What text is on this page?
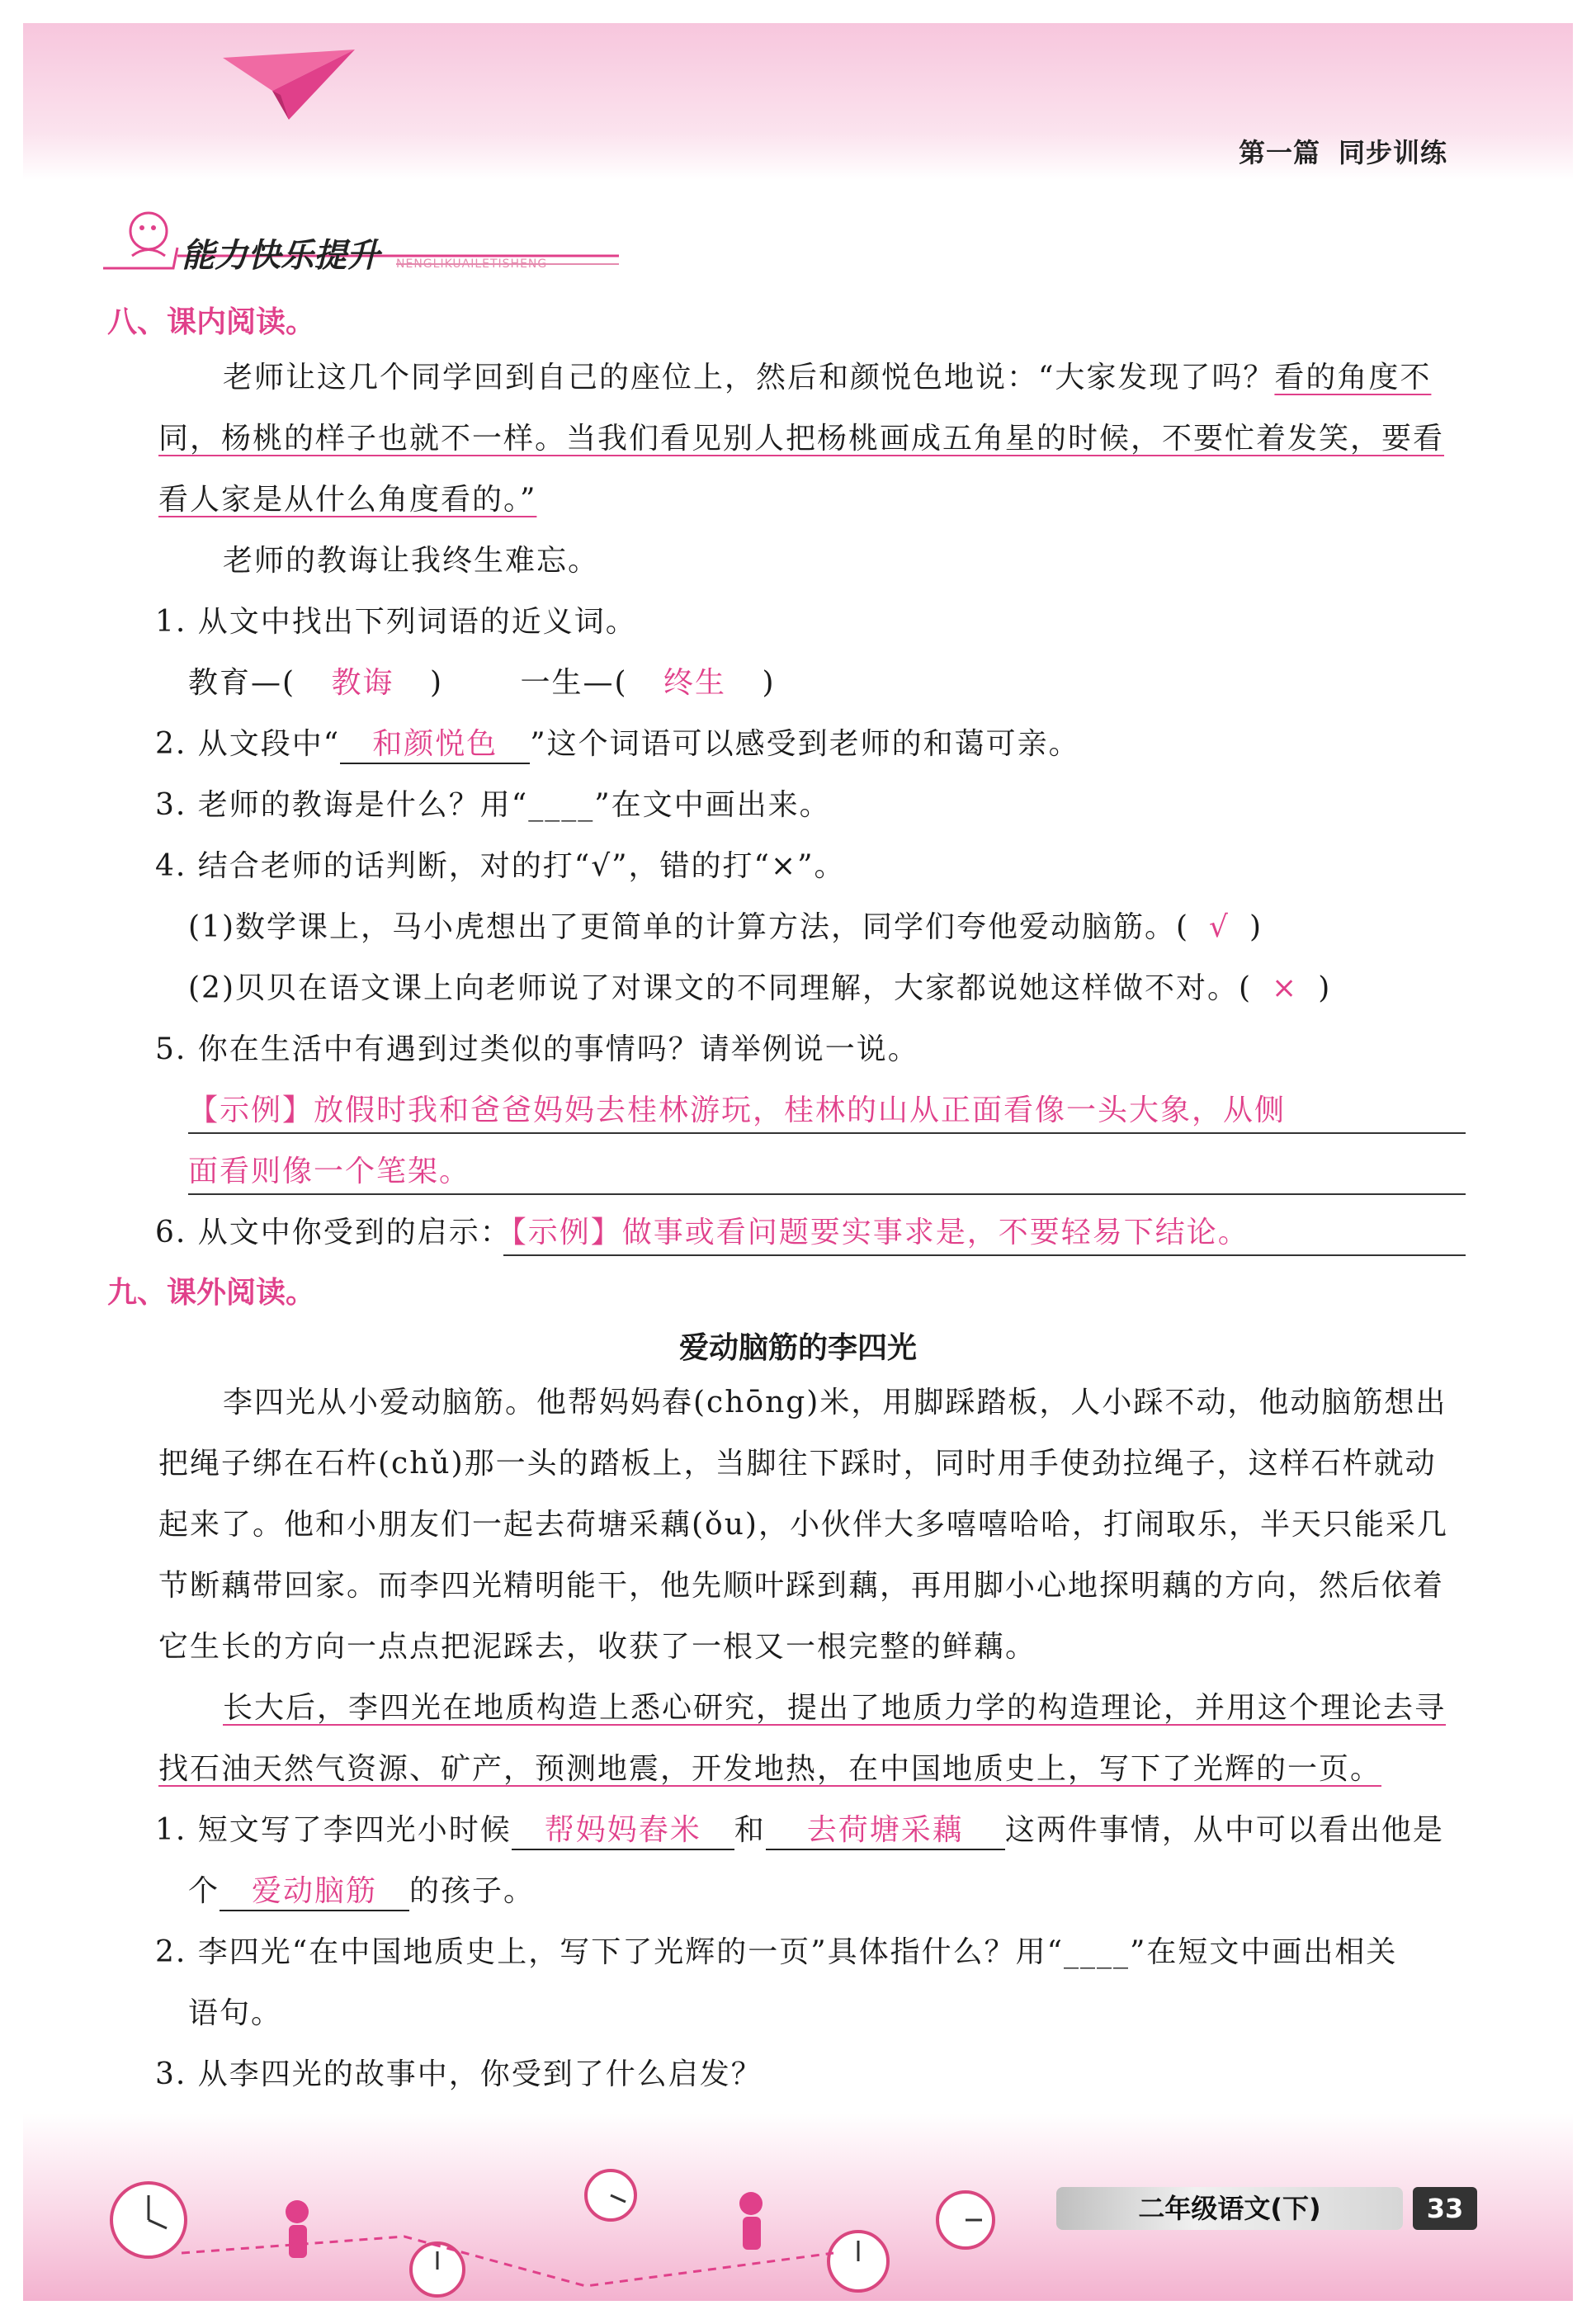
第一篇 同步训练
能力快乐提升 NENGLIKUAILETISHENG
八、课内阅读。
老师让这几个同学回到自己的座位上，然后和颜悦色地说：“大家发现了吗？看的角度不
同，杨桃的样子也就不一样。当我们看见别人把杨桃画成五角星的时候，不要忙着发笑，要看
看人家是从什么角度看的。”
老师的教诲让我终生难忘。
1. 从文中找出下列词语的近义词。
教育—( 教诲 )	一生—( 终生 )
2. 从文段中“ 和颜悦色 ”这个词语可以感受到老师的和蔼可亲。
3. 老师的教诲是什么？用“____”在文中画出来。
4. 结合老师的话判断，对的打“√”，错的打“×”。
(1)数学课上，马小虎想出了更简单的计算方法，同学们夸他爱动脑筋。( √ )
(2)贝贝在语文课上向老师说了对课文的不同理解，大家都说她这样做不对。( × )
5. 你在生活中有遇到过类似的事情吗？请举例说一说。
【示例】放假时我和爸爸妈妈去桂林游玩，桂林的山从正面看像一头大象，从侧
面看则像一个笔架。
6. 从文中你受到的启示：【示例】做事或看问题要实事求是，不要轻易下结论。
九、课外阅读。
爱动脑筋的李四光
李四光从小爱动脑筋。他帮妈妈舂(chōng)米，用脚踩踏板，人小踩不动，他动脑筋想出
把绳子绑在石杵(chǔ)那一头的踏板上，当脚往下踩时，同时用手使劲拉绳子，这样石杵就动
起来了。他和小朋友们一起去荷塘采藕(ǒu)，小伙伴大多嘻嘻哈哈，打闹取乐，半天只能采几
节断藕带回家。而李四光精明能干，他先顺叶踩到藕，再用脚小心地探明藕的方向，然后依着
它生长的方向一点点把泥踩去，收获了一根又一根完整的鲜藕。
长大后，李四光在地质构造上悉心研究，提出了地质力学的构造理论，并用这个理论去寻
找石油天然气资源、矿产，预测地震，开发地热，在中国地质史上，写下了光辉的一页。
1. 短文写了李四光小时候 帮妈妈舂米 和 去荷塘采藕 这两件事情，从中可以看出他是
个 爱动脑筋 的孩子。
2. 李四光“在中国地质史上，写下了光辉的一页”具体指什么？用“____”在短文中画出相关
语句。
3. 从李四光的故事中，你受到了什么启发？
二年级语文(下)	33
